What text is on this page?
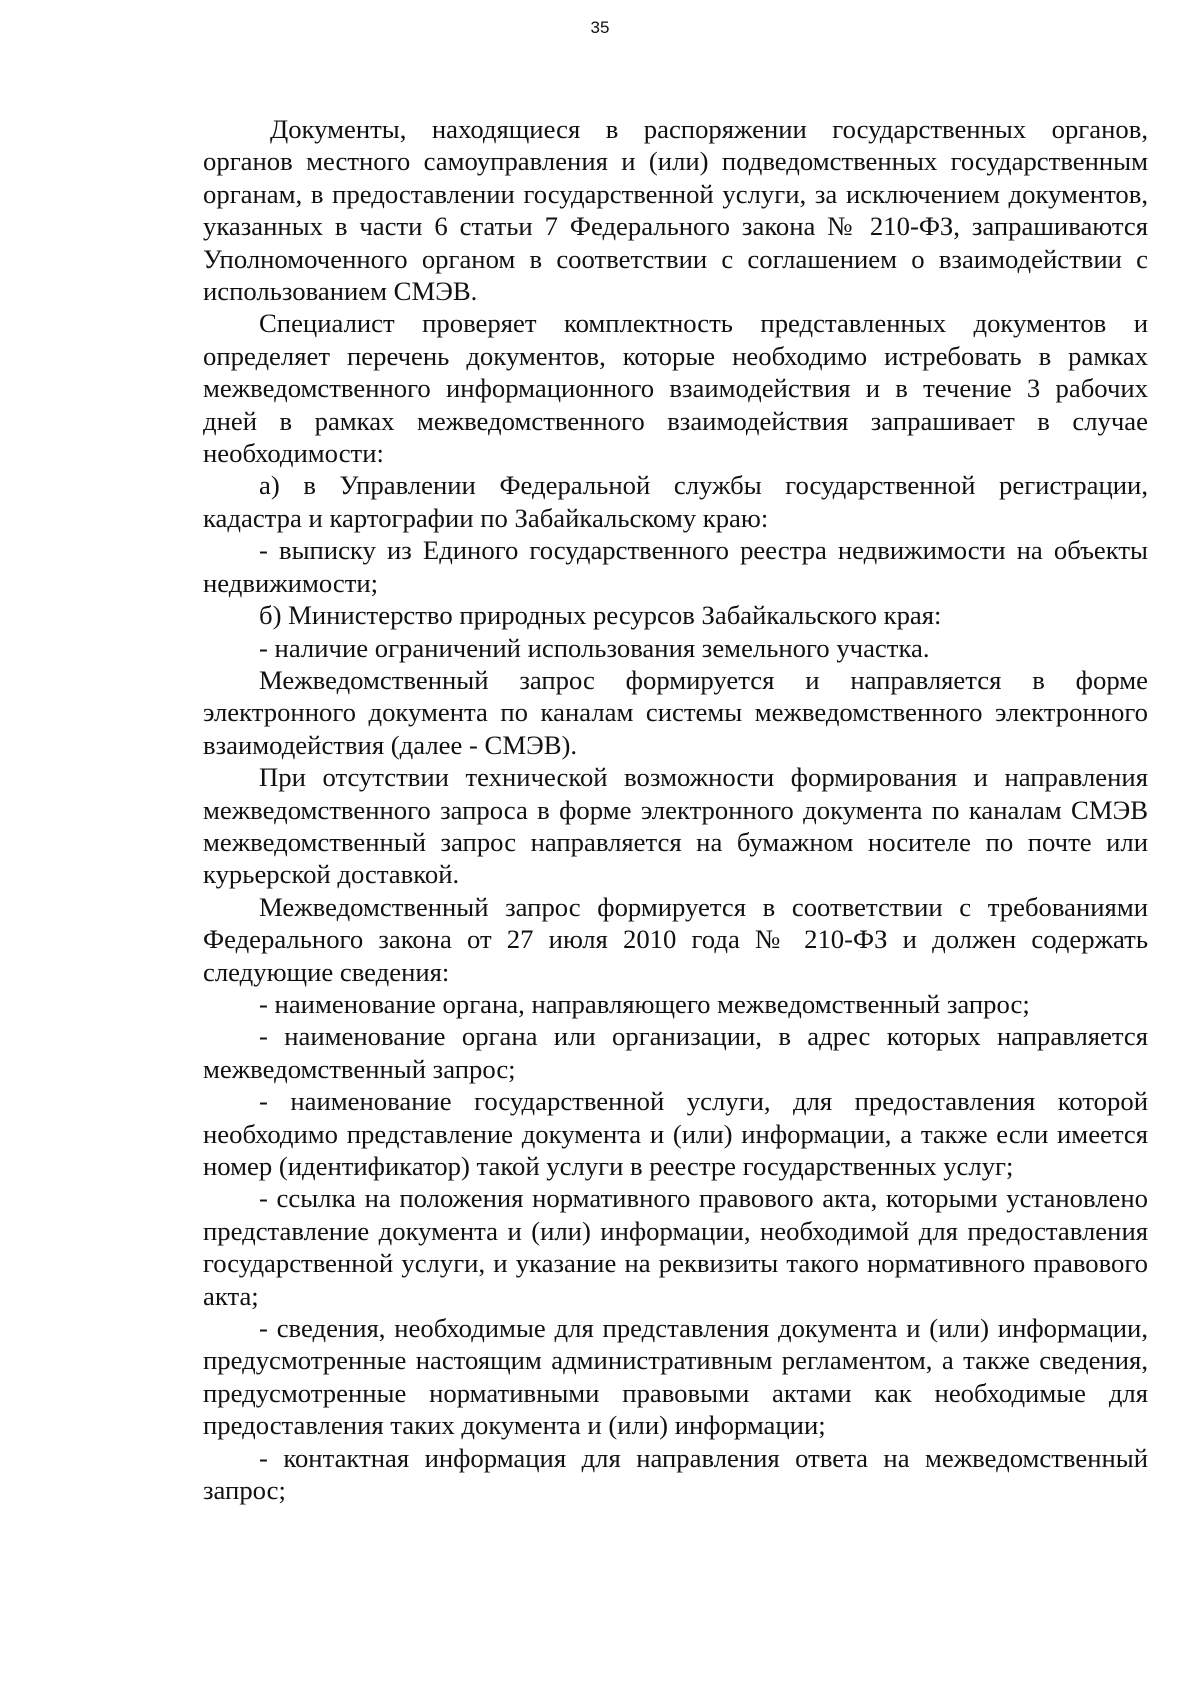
35

Документы, находящиеся в распоряжении государственных органов, органов местного самоуправления и (или) подведомственных государственным органам, в предоставлении государственной услуги, за исключением документов, указанных в части 6 статьи 7 Федерального закона № 210-ФЗ, запрашиваются Уполномоченного органом в соответствии с соглашением о взаимодействии с использованием СМЭВ.

Специалист проверяет комплектность представленных документов и определяет перечень документов, которые необходимо истребовать в рамках межведомственного информационного взаимодействия и в течение 3 рабочих дней в рамках межведомственного взаимодействия запрашивает в случае необходимости:

а) в Управлении Федеральной службы государственной регистрации, кадастра и картографии по Забайкальскому краю:

- выписку из Единого государственного реестра недвижимости на объекты недвижимости;

б) Министерство природных ресурсов Забайкальского края:

- наличие ограничений использования земельного участка.

Межведомственный запрос формируется и направляется в форме электронного документа по каналам системы межведомственного электронного взаимодействия (далее - СМЭВ).

При отсутствии технической возможности формирования и направления межведомственного запроса в форме электронного документа по каналам СМЭВ межведомственный запрос направляется на бумажном носителе по почте или курьерской доставкой.

Межведомственный запрос формируется в соответствии с требованиями Федерального закона от 27 июля 2010 года № 210-ФЗ и должен содержать следующие сведения:

- наименование органа, направляющего межведомственный запрос;

- наименование органа или организации, в адрес которых направляется межведомственный запрос;

- наименование государственной услуги, для предоставления которой необходимо представление документа и (или) информации, а также если имеется номер (идентификатор) такой услуги в реестре государственных услуг;

- ссылка на положения нормативного правового акта, которыми установлено представление документа и (или) информации, необходимой для предоставления государственной услуги, и указание на реквизиты такого нормативного правового акта;

- сведения, необходимые для представления документа и (или) информации, предусмотренные настоящим административным регламентом, а также сведения, предусмотренные нормативными правовыми актами как необходимые для предоставления таких документа и (или) информации;

- контактная информация для направления ответа на межведомственный запрос;
